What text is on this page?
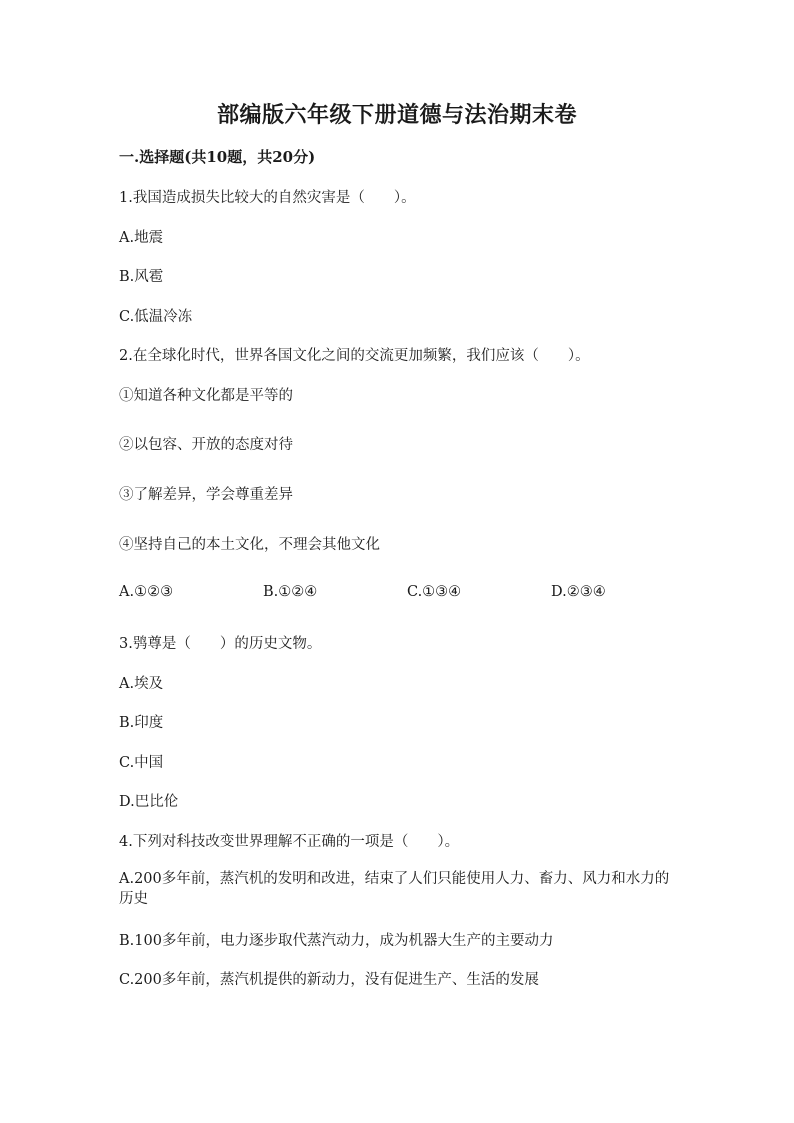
部编版六年级下册道德与法治期末卷
一.选择题(共10题，共20分)
1.我国造成损失比较大的自然灾害是（　　）。
A.地震
B.风雹
C.低温冷冻
2.在全球化时代，世界各国文化之间的交流更加频繁，我们应该（　　）。
①知道各种文化都是平等的
②以包容、开放的态度对待
③了解差异，学会尊重差异
④坚持自己的本土文化，不理会其他文化
A.①②③	B.①②④	C.①③④	D.②③④
3.鸮尊是（　　）的历史文物。
A.埃及
B.印度
C.中国
D.巴比伦
4.下列对科技改变世界理解不正确的一项是（　　）。
A.200多年前，蒸汽机的发明和改进，结束了人们只能使用人力、畜力、风力和水力的历史
B.100多年前，电力逐步取代蒸汽动力，成为机器大生产的主要动力
C.200多年前，蒸汽机提供的新动力，没有促进生产、生活的发展
